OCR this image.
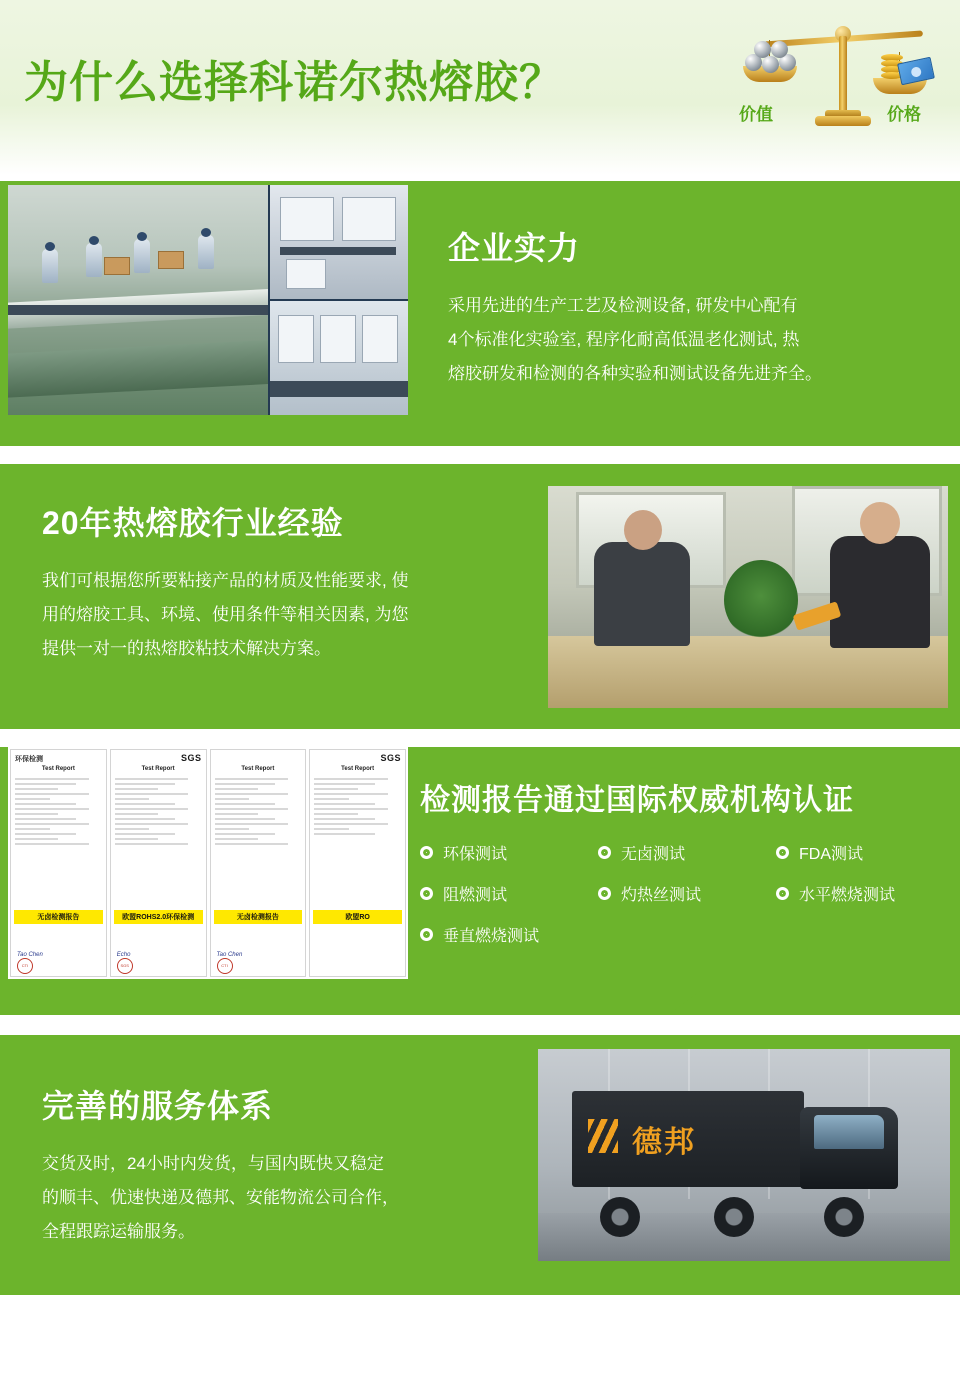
为什么选择科诺尔热熔胶？
价值	价格
企业实力
采用先进的生产工艺及检测设备, 研发中心配有
4个标准化实验室, 程序化耐高低温老化测试, 热
熔胶研发和检测的各种实验和测试设备先进齐全。
20年热熔胶行业经验
我们可根据您所要粘接产品的材质及性能要求, 使
用的熔胶工具、环境、使用条件等相关因素, 为您
提供一对一的热熔胶粘技术解决方案。
环保检测
Test Report
无卤检测报告
Tao Chen
CTI
SGS
Test Report
欧盟ROHS2.0环保检测
Echo
SGS
Test Report
无卤检测报告
Tao Chen
CTI
SGS
Test Report
欧盟RO
检测报告通过国际权威机构认证
环保测试	无卤测试	FDA测试
阻燃测试	灼热丝测试	水平燃烧测试
垂直燃烧测试
完善的服务体系
交货及时，24小时内发货，与国内既快又稳定
的顺丰、优速快递及德邦、安能物流公司合作，
全程跟踪运输服务。
德邦
